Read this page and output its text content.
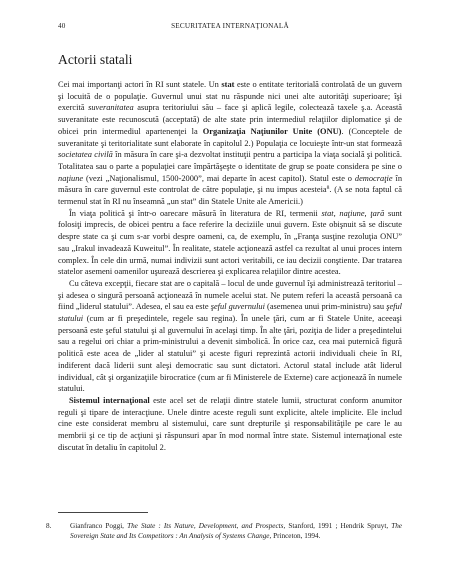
40	SECURITATEA INTERNAŢIONALĂ
Actorii statali

Cei mai importanţi actori în RI sunt statele. Un stat este o entitate teritorială controlată de un guvern şi locuită de o populaţie. Guvernul unui stat nu răspunde nici unei alte autorităţi superioare; îşi exercită suveranitatea asupra teritoriului său – face şi aplică legile, colectează taxele ş.a. Această suveranitate este recunoscută (acceptată) de alte state prin intermediul relaţiilor diplomatice şi de obicei prin intermediul apartenenţei la Organizaţia Naţiunilor Unite (ONU). (Conceptele de suveranitate şi teritorialitate sunt elaborate în capitolul 2.) Populaţia ce locuieşte într-un stat formează societatea civilă în măsura în care şi-a dezvoltat instituţii pentru a participa la viaţa socială şi politică. Totalitatea sau o parte a populaţiei care împărtăşeşte o identitate de grup se poate considera pe sine o naţiune (vezi „Naţionalismul, 1500-2000”, mai departe în acest capitol). Statul este o democraţie în măsura în care guvernul este controlat de către populaţie, şi nu impus acesteia$^8$. (A se nota faptul că termenul stat în RI nu înseamnă „un stat” din Statele Unite ale Americii.)

În viaţa politică şi într-o oarecare măsură în literatura de RI, termenii stat, naţiune, ţară sunt folosiţi imprecis, de obicei pentru a face referire la deciziile unui guvern. Este obişnuit să se discute despre state ca şi cum s-ar vorbi despre oameni, ca, de exemplu, în „Franţa susţine rezoluţia ONU” sau „Irakul invadează Kuweitul”. În realitate, statele acţionează astfel ca rezultat al unui proces intern complex. În cele din urmă, numai indivizii sunt actori veritabili, ce iau decizii conştiente. Dar tratarea statelor asemeni oamenilor uşurează descrierea şi explicarea relaţiilor dintre acestea.

Cu câteva excepţii, fiecare stat are o capitală – locul de unde guvernul îşi administrează teritoriul – şi adesea o singură persoană acţionează în numele acelui stat. Ne putem referi la această persoană ca fiind „liderul statului”. Adesea, el sau ea este şeful guvernului (asemenea unui prim-ministru) sau şeful statului (cum ar fi preşedintele, regele sau regina). În unele ţări, cum ar fi Statele Unite, aceeaşi persoană este şeful statului şi al guvernului în acelaşi timp. În alte ţări, poziţia de lider a preşedintelui sau a regelui ori chiar a prim-ministrului a devenit simbolică. În orice caz, cea mai puternică figură politică este acea de „lider al statului” şi aceste figuri reprezintă actorii individuali cheie în RI, indiferent dacă liderii sunt aleşi democratic sau sunt dictatori. Actorul statal include atât liderul individual, cât şi organizaţiile birocratice (cum ar fi Ministerele de Externe) care acţionează în numele statului.

Sistemul internaţional este acel set de relaţii dintre statele lumii, structurat conform anumitor reguli şi tipare de interacţiune. Unele dintre aceste reguli sunt explicite, altele implicite. Ele includ cine este considerat membru al sistemului, care sunt drepturile şi responsabilităţile pe care le au membrii şi ce tip de acţiuni şi răspunsuri apar în mod normal între state. Sistemul internaţional este discutat în detaliu în capitolul 2.

8.	Gianfranco Poggi, The State : Its Nature, Development, and Prospects, Stanford, 1991 ; Hendrik Spruyt, The Sovereign State and Its Competitors : An Analysis of Systems Change, Princeton, 1994.
